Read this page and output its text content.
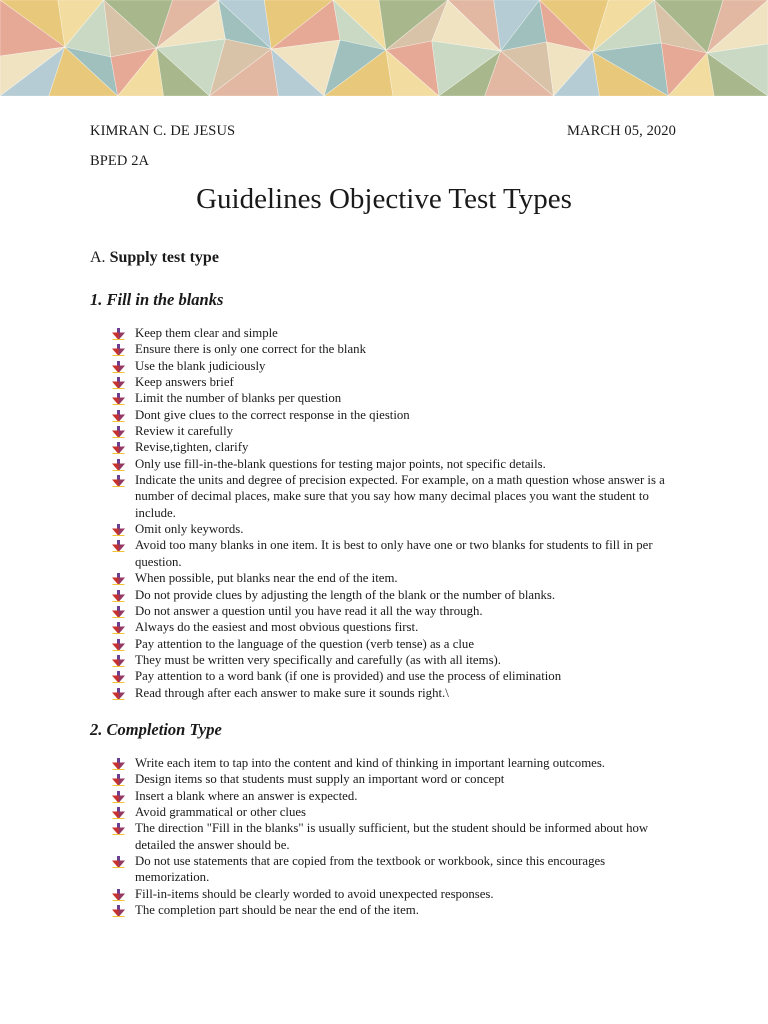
KIMRAN C. DE JESUS	MARCH 05, 2020

BPED 2A

Guidelines Objective Test Types

A. Supply test type

1. Fill in the blanks
Keep them clear and simple
Ensure there is only one correct for the blank
Use the blank judiciously
Keep answers brief
Limit the number of blanks per question
Dont give clues to the correct response in the qiestion
Review it carefully
Revise,tighten, clarify
Only use fill-in-the-blank questions for testing major points, not specific details.
Indicate the units and degree of precision expected. For example, on a math question whose answer is a number of decimal places, make sure that you say how many decimal places you want the student to include.
Omit only keywords.
Avoid too many blanks in one item. It is best to only have one or two blanks for students to fill in per question.
When possible, put blanks near the end of the item.
Do not provide clues by adjusting the length of the blank or the number of blanks.
Do not answer a question until you have read it all the way through.
Always do the easiest and most obvious questions first.
Pay attention to the language of the question (verb tense) as a clue
They must be written very specifically and carefully (as with all items).
Pay attention to a word bank (if one is provided) and use the process of elimination
Read through after each answer to make sure it sounds right.\
2. Completion Type
Write each item to tap into the content and kind of thinking in important learning outcomes.
Design items so that students must supply an important word or concept
Insert a blank where an answer is expected.
Avoid grammatical or other clues
The direction "Fill in the blanks" is usually sufficient, but the student should be informed about how detailed the answer should be.
Do not use statements that are copied from the textbook or workbook, since this encourages memorization.
Fill-in-items should be clearly worded to avoid unexpected responses.
The completion part should be near the end of the item.
